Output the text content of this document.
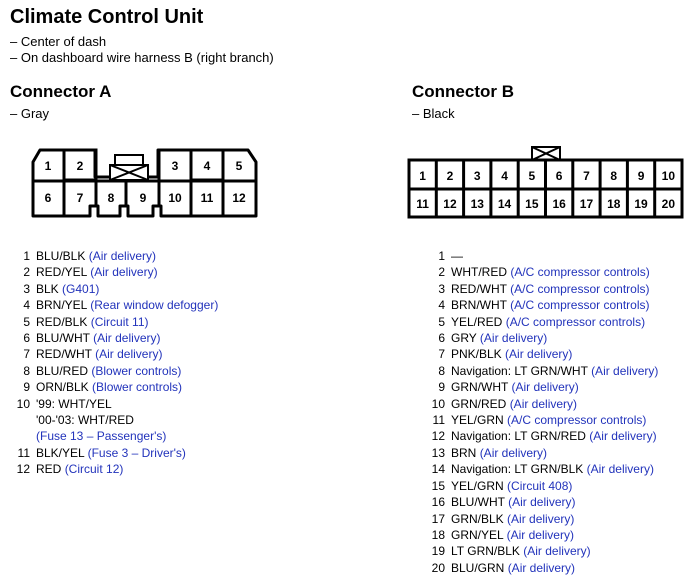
Climate Control Unit
– Center of dash
– On dashboard wire harness B (right branch)
Connector A
– Gray
Connector B
– Black
1 2	3 4 5
6 7 8 9 10 11 12
1 2 3 4 5 6 7 8 9 10
11 12 13 14 15 16 17 18 19 20
1 BLU/BLK (Air delivery)
2 RED/YEL (Air delivery)
3 BLK (G401)
4 BRN/YEL (Rear window defogger)
5 RED/BLK (Circuit 11)
6 BLU/WHT (Air delivery)
7 RED/WHT (Air delivery)
8 BLU/RED (Blower controls)
9 ORN/BLK (Blower controls)
10 '99: WHT/YEL
'00-'03: WHT/RED
(Fuse 13 – Passenger's)
11 BLK/YEL (Fuse 3 – Driver's)
12 RED (Circuit 12)
1 —
2 WHT/RED (A/C compressor controls)
3 RED/WHT (A/C compressor controls)
4 BRN/WHT (A/C compressor controls)
5 YEL/RED (A/C compressor controls)
6 GRY (Air delivery)
7 PNK/BLK (Air delivery)
8 Navigation: LT GRN/WHT (Air delivery)
9 GRN/WHT (Air delivery)
10 GRN/RED (Air delivery)
11 YEL/GRN (A/C compressor controls)
12 Navigation: LT GRN/RED (Air delivery)
13 BRN (Air delivery)
14 Navigation: LT GRN/BLK (Air delivery)
15 YEL/GRN (Circuit 408)
16 BLU/WHT (Air delivery)
17 GRN/BLK (Air delivery)
18 GRN/YEL (Air delivery)
19 LT GRN/BLK (Air delivery)
20 BLU/GRN (Air delivery)
